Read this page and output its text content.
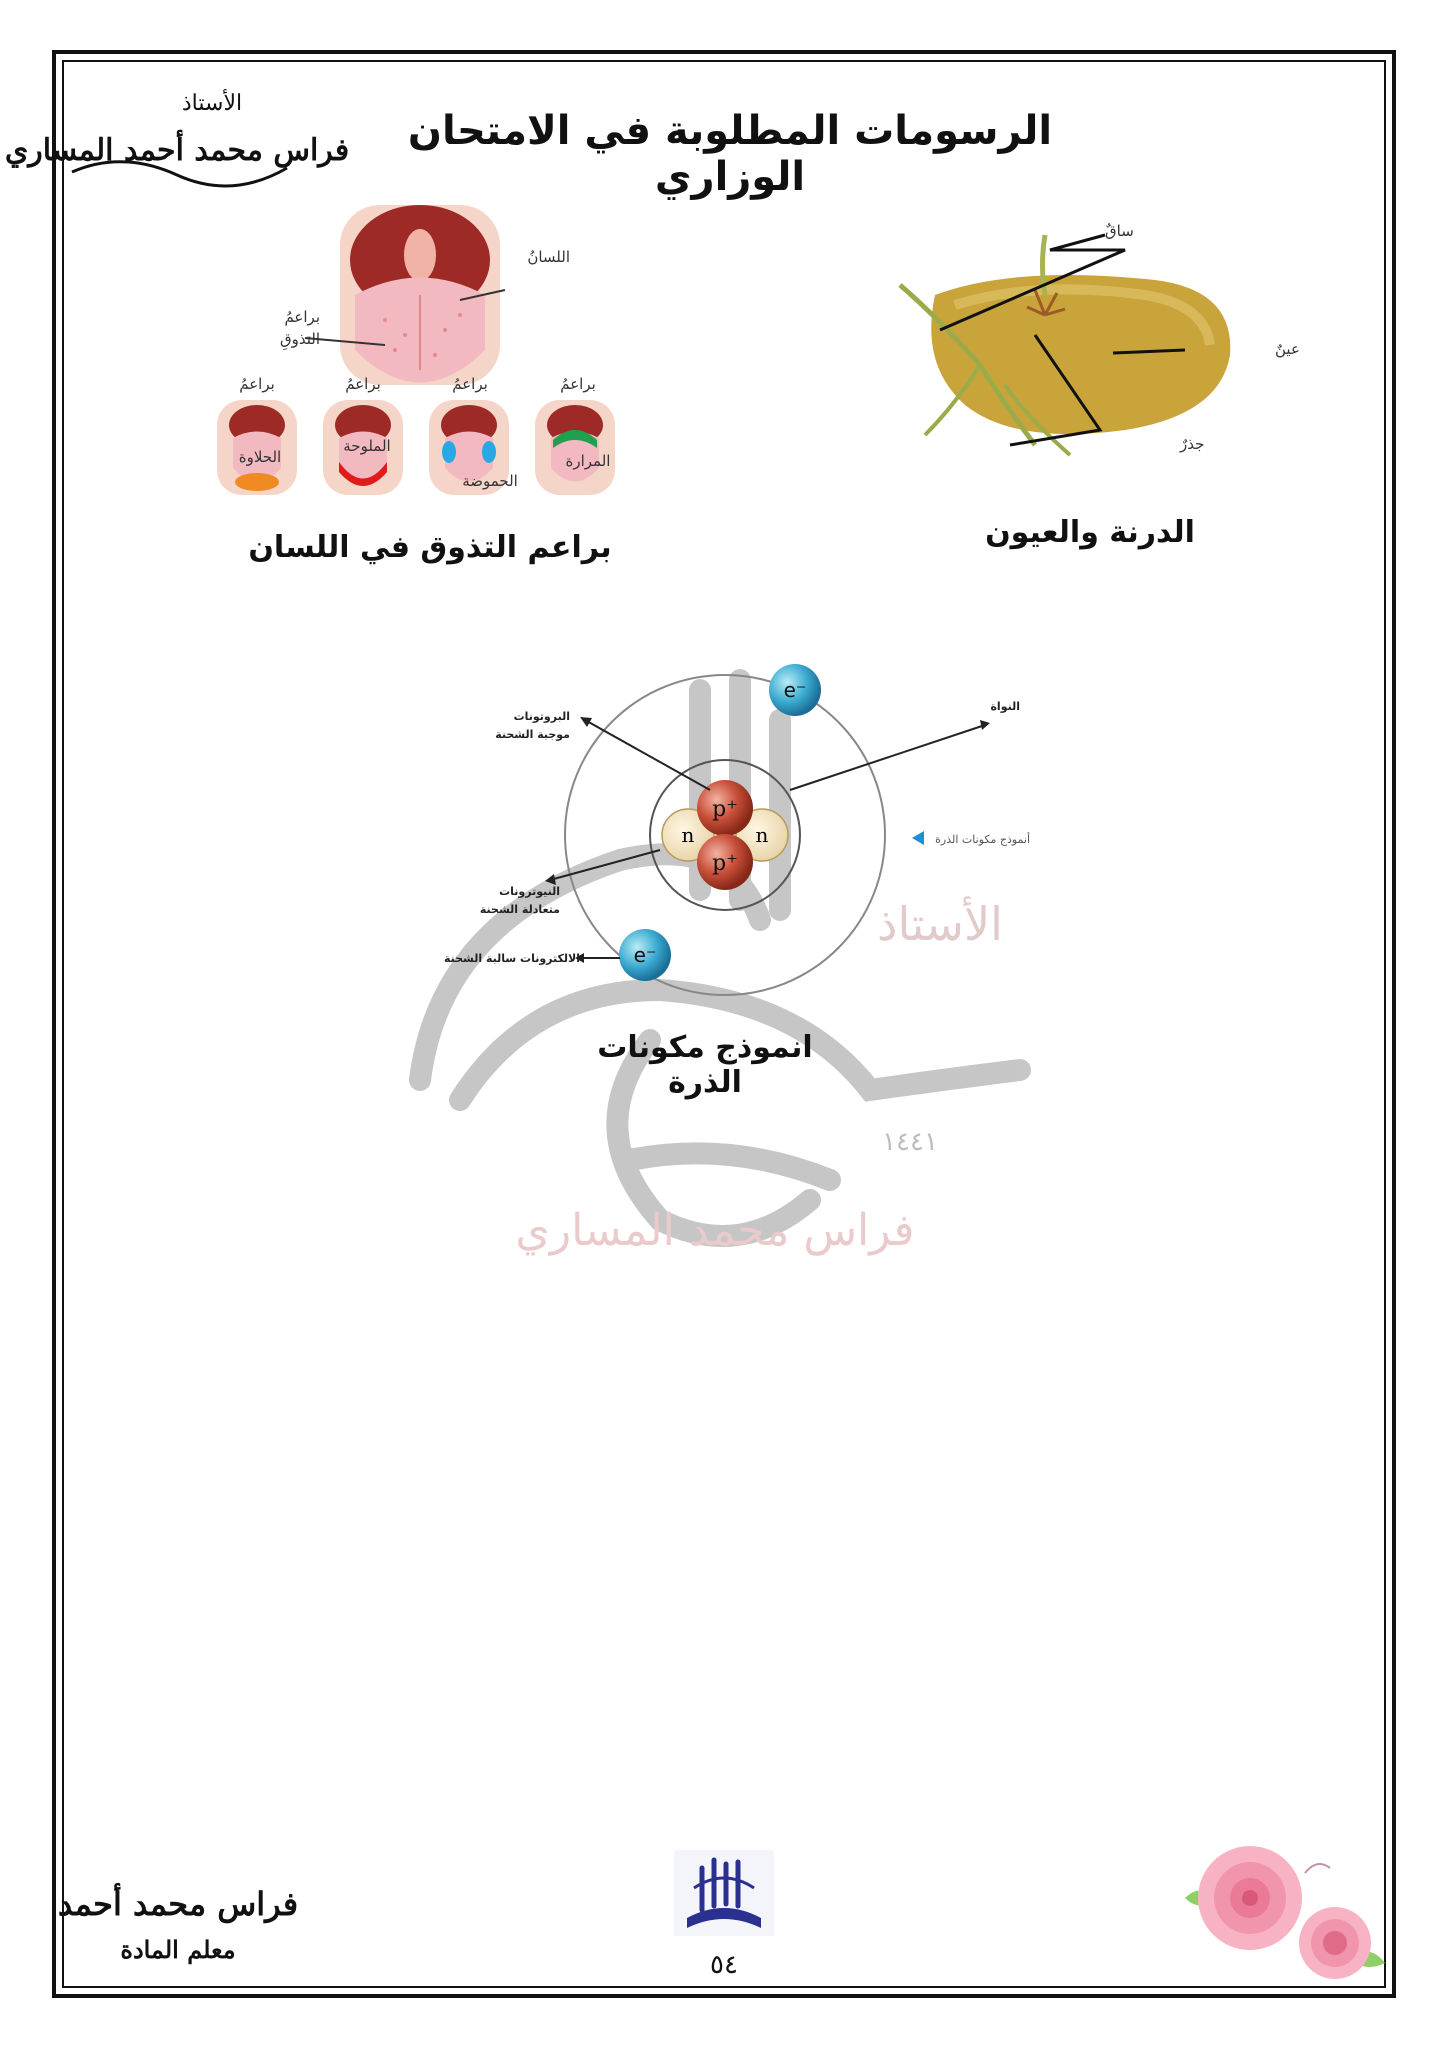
الرسومات المطلوبة في الامتحان الوزاري
الأستاذ
فراس محمد أحمد المساري
اللسانُ
براعمُ
التذوقِ
براعمُ
الحلاوة
براعمُ
الملوحة
براعمُ
الحموضة
براعمُ
المرارة
براعم التذوق في اللسان
ساقٌ
عينٌ
جذرٌ
الدرنة والعيون
الأستاذ
١٤٤١
فراس محمد المساري
n	n
p⁺
p⁺
e⁻
e⁻
البروتونات
موجبة الشحنة
النواة
النيوترونات
متعادلة الشحنة
الالكترونات سالبة الشحنة
أنموذج مكونات الذرة
انموذج مكونات الذرة
فراس محمد أحمد
معلم المادة
٥٤
